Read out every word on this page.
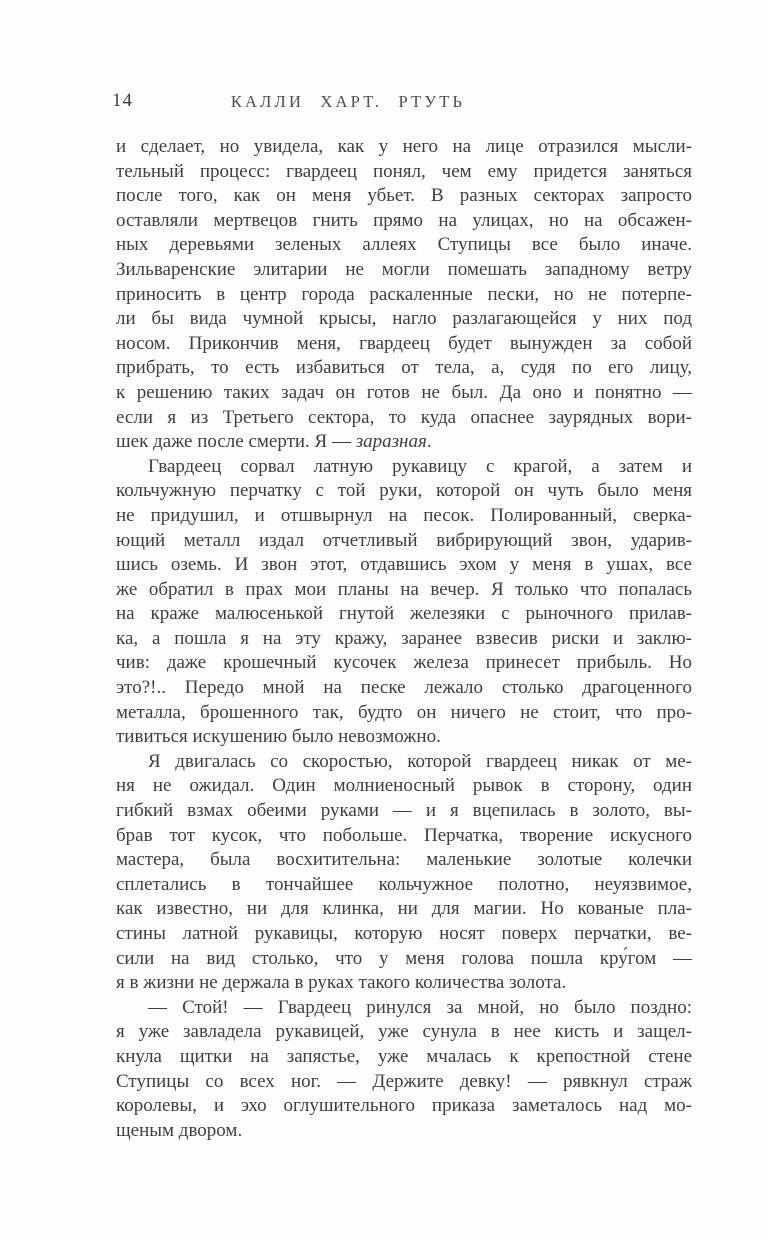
14	КАЛЛИ ХАРТ. РТУТЬ
и сделает, но увидела, как у него на лице отразился мысли-
тельный процесс: гвардеец понял, чем ему придется заняться
после того, как он меня убьет. В разных секторах запросто
оставляли мертвецов гнить прямо на улицах, но на обсажен-
ных деревьями зеленых аллеях Ступицы все было иначе.
Зильваренские элитарии не могли помешать западному ветру
приносить в центр города раскаленные пески, но не потерпе-
ли бы вида чумной крысы, нагло разлагающейся у них под
носом. Прикончив меня, гвардеец будет вынужден за собой
прибрать, то есть избавиться от тела, а, судя по его лицу,
к решению таких задач он готов не был. Да оно и понятно —
если я из Третьего сектора, то куда опаснее заурядных вори-
шек даже после смерти. Я — заразная.
Гвардеец сорвал латную рукавицу с крагой, а затем и
кольчужную перчатку с той руки, которой он чуть было меня
не придушил, и отшвырнул на песок. Полированный, сверка-
ющий металл издал отчетливый вибрирующий звон, ударив-
шись оземь. И звон этот, отдавшись эхом у меня в ушах, все
же обратил в прах мои планы на вечер. Я только что попалась
на краже малюсенькой гнутой железяки с рыночного прилав-
ка, а пошла я на эту кражу, заранее взвесив риски и заклю-
чив: даже крошечный кусочек железа принесет прибыль. Но
это?!.. Передо мной на песке лежало столько драгоценного
металла, брошенного так, будто он ничего не стоит, что про-
тивиться искушению было невозможно.
Я двигалась со скоростью, которой гвардеец никак от ме-
ня не ожидал. Один молниеносный рывок в сторону, один
гибкий взмах обеими руками — и я вцепилась в золото, вы-
брав тот кусок, что побольше. Перчатка, творение искусного
мастера, была восхитительна: маленькие золотые колечки
сплетались в тончайшее кольчужное полотно, неуязвимое,
как известно, ни для клинка, ни для магии. Но кованые пла-
стины латной рукавицы, которую носят поверх перчатки, ве-
сили на вид столько, что у меня голова пошла кру́гом —
я в жизни не держала в руках такого количества золота.
— Стой! — Гвардеец ринулся за мной, но было поздно:
я уже завладела рукавицей, уже сунула в нее кисть и защел-
кнула щитки на запястье, уже мчалась к крепостной стене
Ступицы со всех ног. — Держите девку! — рявкнул страж
королевы, и эхо оглушительного приказа заметалось над мо-
щеным двором.
